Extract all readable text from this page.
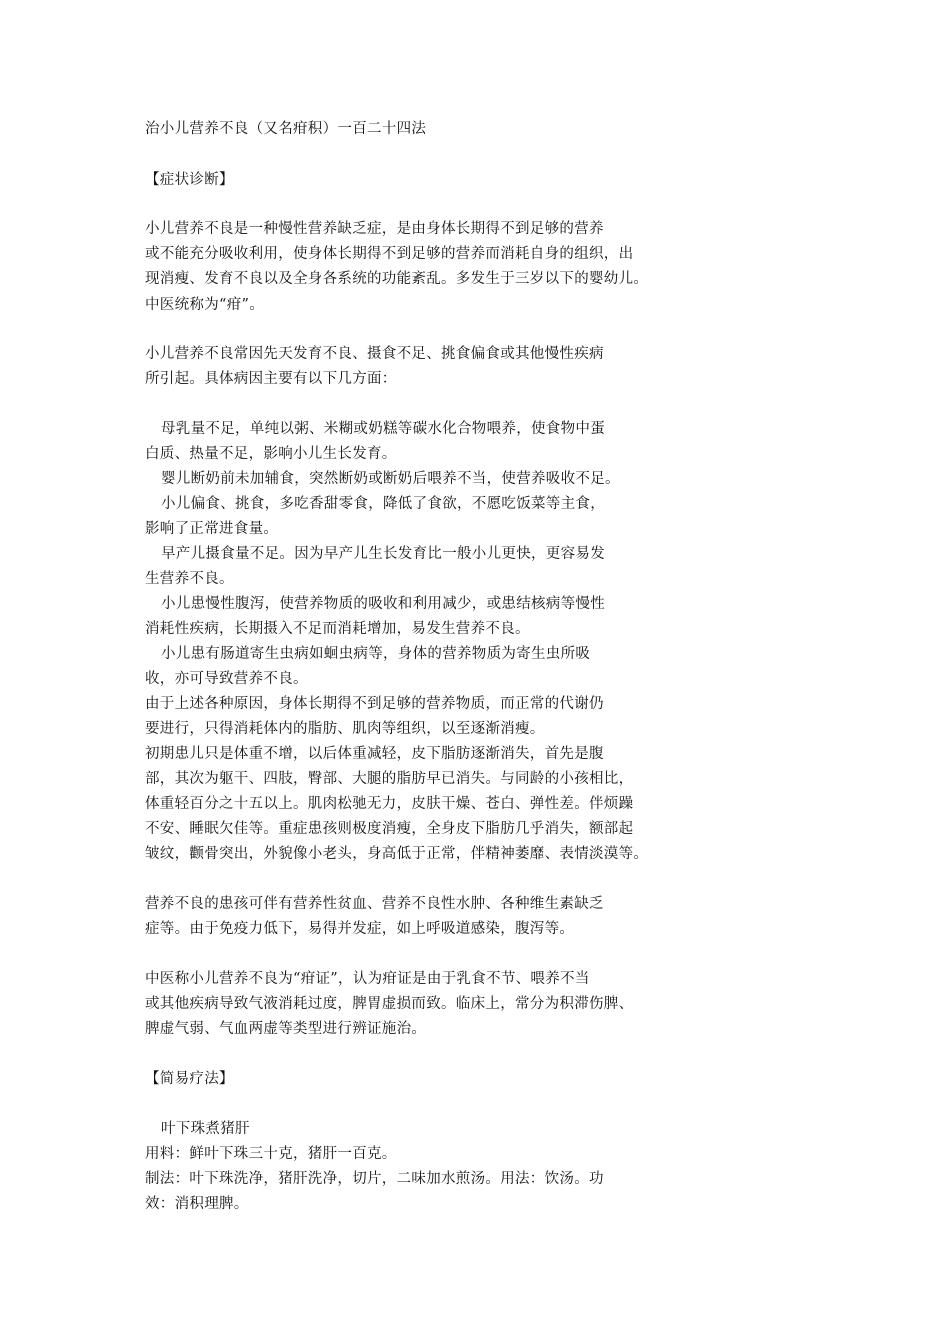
治小儿营养不良（又名疳积）一百二十四法
【症状诊断】
小儿营养不良是一种慢性营养缺乏症，是由身体长期得不到足够的营养
或不能充分吸收利用，使身体长期得不到足够的营养而消耗自身的组织，出
现消瘦、发育不良以及全身各系统的功能紊乱。多发生于三岁以下的婴幼儿。
中医统称为“疳”。
小儿营养不良常因先天发育不良、摄食不足、挑食偏食或其他慢性疾病
所引起。具体病因主要有以下几方面：
母乳量不足，单纯以粥、米糊或奶糕等碳水化合物喂养，使食物中蛋
白质、热量不足，影响小儿生长发育。
婴儿断奶前未加辅食，突然断奶或断奶后喂养不当，使营养吸收不足。
小儿偏食、挑食，多吃香甜零食，降低了食欲，不愿吃饭菜等主食，
影响了正常进食量。
早产儿摄食量不足。因为早产儿生长发育比一般小儿更快，更容易发
生营养不良。
小儿患慢性腹泻，使营养物质的吸收和利用减少，或患结核病等慢性
消耗性疾病，长期摄入不足而消耗增加，易发生营养不良。
小儿患有肠道寄生虫病如蛔虫病等，身体的营养物质为寄生虫所吸
收，亦可导致营养不良。
由于上述各种原因，身体长期得不到足够的营养物质，而正常的代谢仍
要进行，只得消耗体内的脂肪、肌肉等组织，以至逐渐消瘦。
初期患儿只是体重不增，以后体重减轻，皮下脂肪逐渐消失，首先是腹
部，其次为躯干、四肢，臀部、大腿的脂肪早已消失。与同龄的小孩相比，
体重轻百分之十五以上。肌肉松驰无力，皮肤干燥、苍白、弹性差。伴烦躁
不安、睡眠欠佳等。重症患孩则极度消瘦，全身皮下脂肪几乎消失，额部起
皱纹，颧骨突出，外貌像小老头，身高低于正常，伴精神萎靡、表情淡漠等。
营养不良的患孩可伴有营养性贫血、营养不良性水肿、各种维生素缺乏
症等。由于免疫力低下，易得并发症，如上呼吸道感染，腹泻等。
中医称小儿营养不良为“疳证”，认为疳证是由于乳食不节、喂养不当
或其他疾病导致气液消耗过度，脾胃虚损而致。临床上，常分为积滞伤脾、
脾虚气弱、气血两虚等类型进行辨证施治。
【简易疗法】
叶下珠煮猪肝
用料：鲜叶下珠三十克，猪肝一百克。
制法：叶下珠洗净，猪肝洗净，切片，二味加水煎汤。用法：饮汤。功
效：消积理脾。
